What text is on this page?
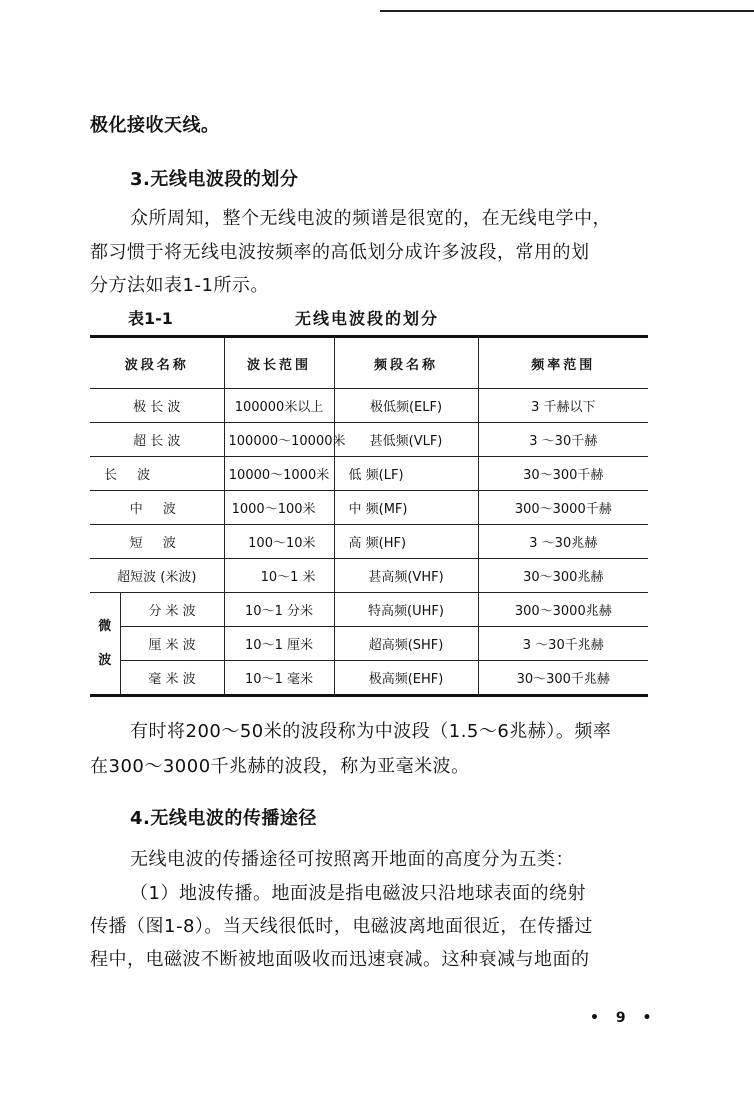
极化接收天线。
3.无线电波段的划分
众所周知，整个无线电波的频谱是很宽的，在无线电学中，
都习惯于将无线电波按频率的高低划分成许多波段，常用的划
分方法如表1-1所示。
表1-1	无线电波段的划分
波段名称		波长范围	频段名称	频率范围
极 长 波		100000米以上	极低频(ELF)	3 千赫以下
超 长 波		100000～10000米	甚低频(VLF)	3 ～30千赫
长 波		10000～1000米	低 频(LF)	30～300千赫
中 波		1000～100米	中 频(MF)	300～3000千赫
短 波		100～10米	高 频(HF)	3 ～30兆赫
超短波 (米波)		10～1 米	甚高频(VHF)	30～300兆赫

微
波	分 米 波	10～1 分米	特高频(UHF)	300～3000兆赫
	厘 米 波	10～1 厘米	超高频(SHF)	3 ～30千兆赫
	毫 米 波	10～1 毫米	极高频(EHF)	30～300千兆赫
有时将200～50米的波段称为中波段（1.5～6兆赫）。频率
在300～3000千兆赫的波段，称为亚毫米波。
4.无线电波的传播途径
无线电波的传播途径可按照离开地面的高度分为五类：
（1）地波传播。地面波是指电磁波只沿地球表面的绕射
传播（图1-8）。当天线很低时，电磁波离地面很近，在传播过
程中，电磁波不断被地面吸收而迅速衰减。这种衰减与地面的
• 9 •
